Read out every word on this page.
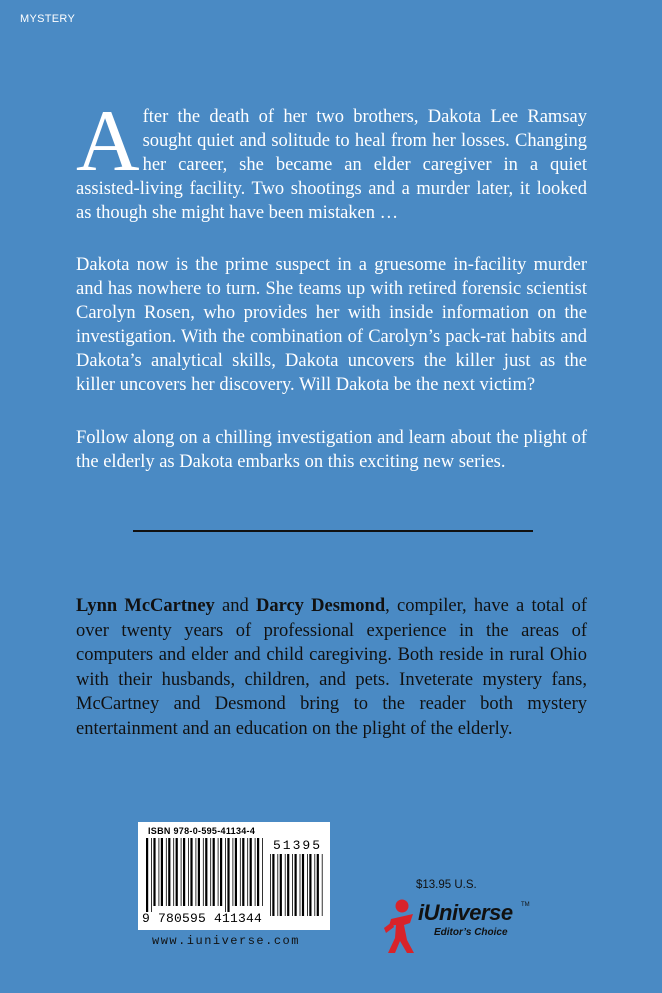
MYSTERY
A fter the death of her two brothers, Dakota Lee Ramsay sought quiet and solitude to heal from her losses. Changing her career, she became an elder caregiver in a quiet assisted-living facility. Two shootings and a murder later, it looked as though she might have been mistaken …
Dakota now is the prime suspect in a gruesome in-facility murder and has nowhere to turn. She teams up with retired forensic scientist Carolyn Rosen, who provides her with inside information on the investigation. With the combination of Carolyn’s pack-rat habits and Dakota’s analytical skills, Dakota uncovers the killer just as the killer uncovers her discovery. Will Dakota be the next victim?
Follow along on a chilling investigation and learn about the plight of the elderly as Dakota embarks on this exciting new series.
Lynn McCartney and Darcy Desmond, compiler, have a total of over twenty years of professional experience in the areas of computers and elder and child caregiving. Both reside in rural Ohio with their husbands, children, and pets. Inveterate mystery fans, McCartney and Desmond bring to the reader both mystery entertainment and an education on the plight of the elderly.
ISBN 978-0-595-41134-4
9 780595 411344
51395
www.iuniverse.com
$13.95 U.S.
iUniverse TM
Editor’s Choice
